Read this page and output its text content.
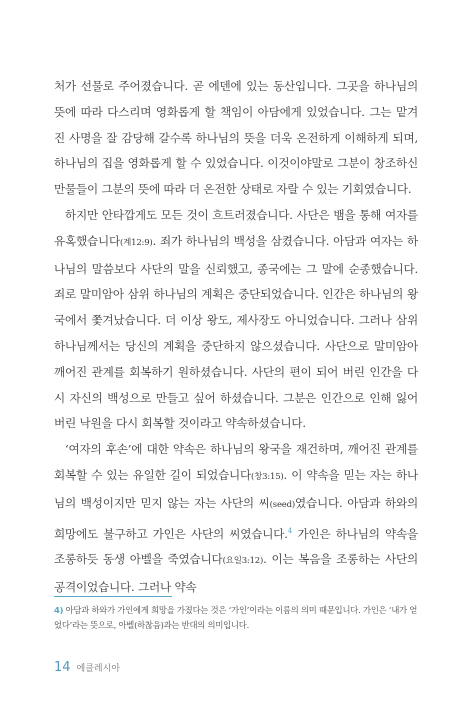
처가 선물로 주어졌습니다. 곧 에덴에 있는 동산입니다. 그곳을 하나님의 뜻에 따라 다스리며 영화롭게 할 책임이 아담에게 있었습니다. 그는 맡겨진 사명을 잘 감당해 갈수록 하나님의 뜻을 더욱 온전하게 이해하게 되며, 하나님의 집을 영화롭게 할 수 있었습니다. 이것이야말로 그분이 창조하신 만물들이 그분의 뜻에 따라 더 온전한 상태로 자랄 수 있는 기회였습니다.

하지만 안타깝게도 모든 것이 흐트러졌습니다. 사단은 뱀을 통해 여자를 유혹했습니다(계12:9). 죄가 하나님의 백성을 삼켰습니다. 아담과 여자는 하나님의 말씀보다 사단의 말을 신뢰했고, 종국에는 그 말에 순종했습니다. 죄로 말미암아 삼위 하나님의 계획은 중단되었습니다. 인간은 하나님의 왕국에서 쫓겨났습니다. 더 이상 왕도, 제사장도 아니었습니다. 그러나 삼위 하나님께서는 당신의 계획을 중단하지 않으셨습니다. 사단으로 말미암아 깨어진 관계를 회복하기 원하셨습니다. 사단의 편이 되어 버린 인간을 다시 자신의 백성으로 만들고 싶어 하셨습니다. 그분은 인간으로 인해 잃어버린 낙원을 다시 회복할 것이라고 약속하셨습니다.

‘여자의 후손’에 대한 약속은 하나님의 왕국을 재건하며, 깨어진 관계를 회복할 수 있는 유일한 길이 되었습니다(창3:15). 이 약속을 믿는 자는 하나님의 백성이지만 믿지 않는 자는 사단의 씨(seed)였습니다. 아담과 하와의 희망에도 불구하고 가인은 사단의 씨였습니다.$^4$ 가인은 하나님의 약속을 조롱하듯 동생 아벨을 죽였습니다(요일3:12). 이는 복음을 조롱하는 사단의 공격이었습니다. 그러나 약속

4) 아담과 하와가 가인에게 희망을 가졌다는 것은 ‘가인’이라는 이름의 의미 때문입니다. 가인은 ‘내가 얻었다’라는 뜻으로, 아벨(하찮음)과는 반대의 의미입니다.
14 에클레시아
